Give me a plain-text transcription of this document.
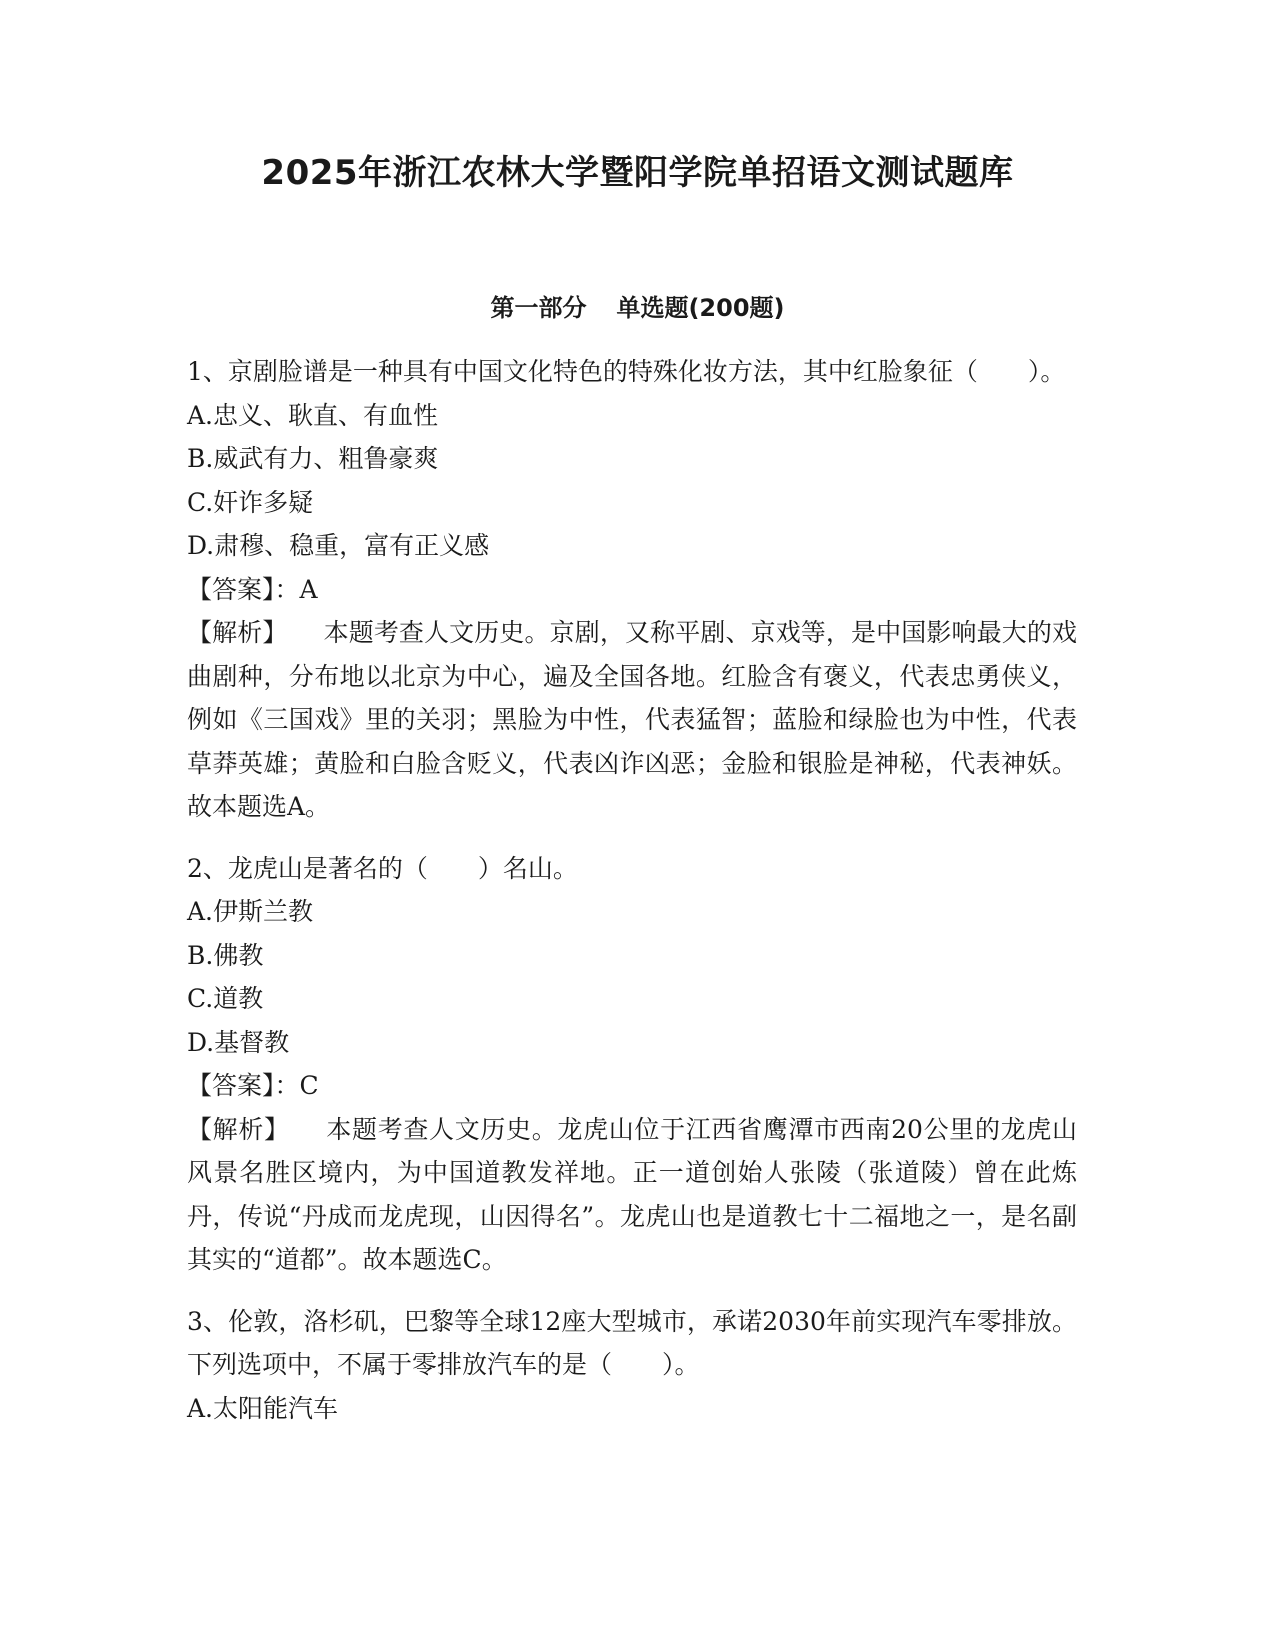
2025年浙江农林大学暨阳学院单招语文测试题库
第一部分 单选题(200题)

1、京剧脸谱是一种具有中国文化特色的特殊化妆方法，其中红脸象征（　　）。

A.忠义、耿直、有血性

B.威武有力、粗鲁豪爽

C.奸诈多疑

D.肃穆、稳重，富有正义感

【答案】：A

【解析】 本题考查人文历史。京剧，又称平剧、京戏等，是中国影响最大的戏曲剧种，分布地以北京为中心，遍及全国各地。红脸含有褒义，代表忠勇侠义，例如《三国戏》里的关羽；黑脸为中性，代表猛智；蓝脸和绿脸也为中性，代表草莽英雄；黄脸和白脸含贬义，代表凶诈凶恶；金脸和银脸是神秘，代表神妖。故本题选A。

2、龙虎山是著名的（　　）名山。

A.伊斯兰教

B.佛教

C.道教

D.基督教

【答案】：C

【解析】 本题考查人文历史。龙虎山位于江西省鹰潭市西南20公里的龙虎山风景名胜区境内，为中国道教发祥地。正一道创始人张陵（张道陵）曾在此炼丹，传说“丹成而龙虎现，山因得名”。龙虎山也是道教七十二福地之一，是名副其实的“道都”。故本题选C。

3、伦敦，洛杉矶，巴黎等全球12座大型城市，承诺2030年前实现汽车零排放。下列选项中，不属于零排放汽车的是（　　）。

A.太阳能汽车
